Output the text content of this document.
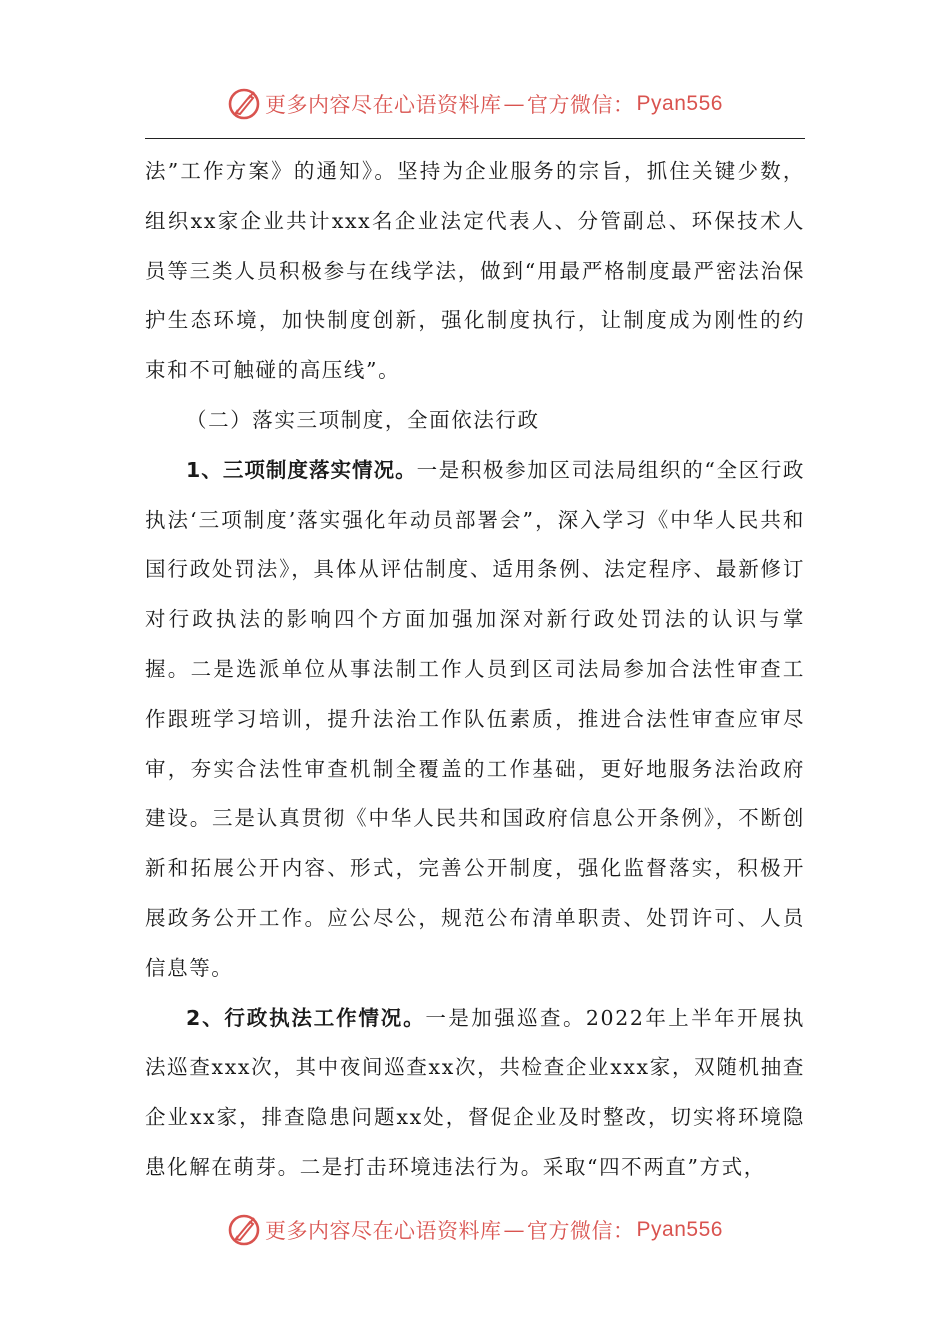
更多内容尽在心语资料库 — 官方微信： Pyan556

法”工作方案》的通知》。坚持为企业服务的宗旨，抓住关键少数，组织xx家企业共计xxx名企业法定代表人、分管副总、环保技术人员等三类人员积极参与在线学法，做到“用最严格制度最严密法治保护生态环境，加快制度创新，强化制度执行，让制度成为刚性的约束和不可触碰的高压线”。

（二）落实三项制度，全面依法行政

1、三项制度落实情况。一是积极参加区司法局组织的“全区行政执法‘三项制度’落实强化年动员部署会”，深入学习《中华人民共和国行政处罚法》，具体从评估制度、适用条例、法定程序、最新修订对行政执法的影响四个方面加强加深对新行政处罚法的认识与掌握。二是选派单位从事法制工作人员到区司法局参加合法性审查工作跟班学习培训，提升法治工作队伍素质，推进合法性审查应审尽审，夯实合法性审查机制全覆盖的工作基础，更好地服务法治政府建设。三是认真贯彻《中华人民共和国政府信息公开条例》，不断创新和拓展公开内容、形式，完善公开制度，强化监督落实，积极开展政务公开工作。应公尽公，规范公布清单职责、处罚许可、人员信息等。

2、行政执法工作情况。一是加强巡查。2022年上半年开展执法巡查xxx次，其中夜间巡查xx次，共检查企业xxx家，双随机抽查企业xx家，排查隐患问题xx处，督促企业及时整改，切实将环境隐患化解在萌芽。二是打击环境违法行为。采取“四不两直”方式，

更多内容尽在心语资料库 — 官方微信： Pyan556
